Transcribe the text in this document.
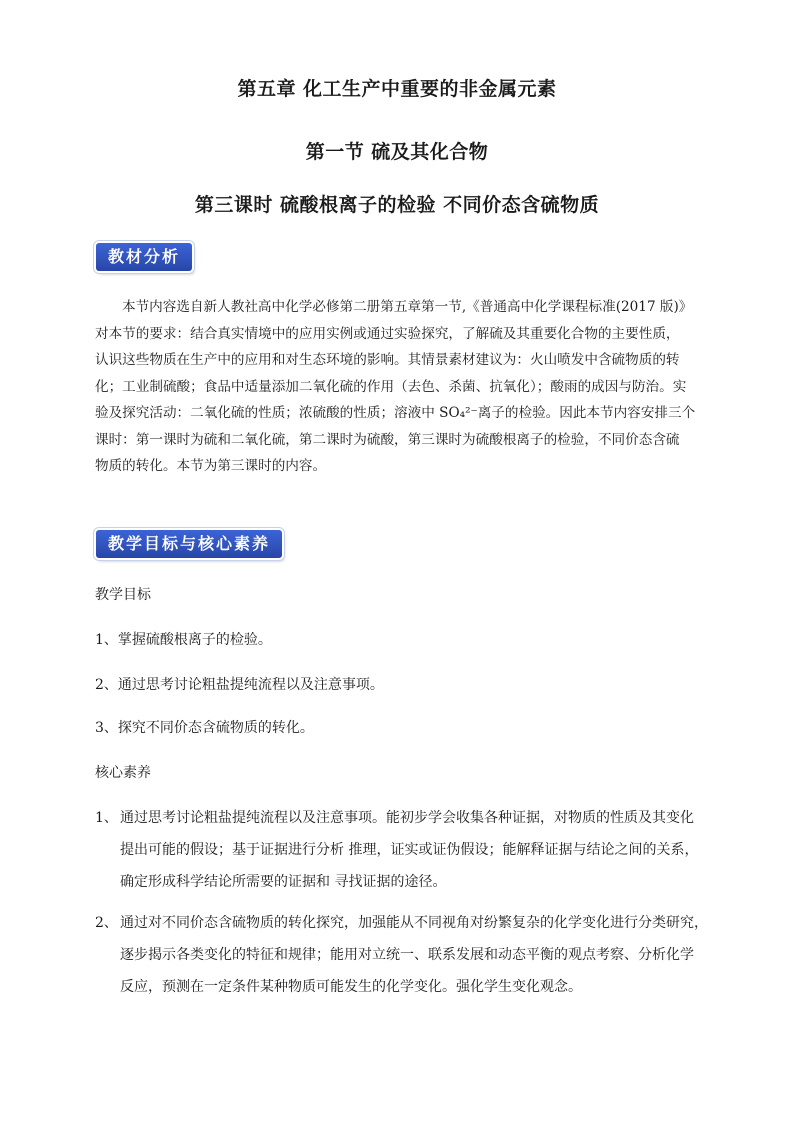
第五章 化工生产中重要的非金属元素
第一节 硫及其化合物
第三课时 硫酸根离子的检验 不同价态含硫物质
教材分析
本节内容选自新人教社高中化学必修第二册第五章第一节,《普通高中化学课程标准(2017 版)》
对本节的要求：结合真实情境中的应用实例或通过实验探究，了解硫及其重要化合物的主要性质，
认识这些物质在生产中的应用和对生态环境的影响。其情景素材建议为：火山喷发中含硫物质的转
化；工业制硫酸；食品中适量添加二氧化硫的作用（去色、杀菌、抗氧化）；酸雨的成因与防治。实
验及探究活动：二氧化硫的性质；浓硫酸的性质；溶液中 SO₄²⁻离子的检验。因此本节内容安排三个
课时：第一课时为硫和二氧化硫，第二课时为硫酸，第三课时为硫酸根离子的检验，不同价态含硫
物质的转化。本节为第三课时的内容。
教学目标与核心素养
教学目标
1、掌握硫酸根离子的检验。
2、通过思考讨论粗盐提纯流程以及注意事项。
3、探究不同价态含硫物质的转化。
核心素养
1、 通过思考讨论粗盐提纯流程以及注意事项。能初步学会收集各种证据，对物质的性质及其变化
提出可能的假设；基于证据进行分析 推理，证实或证伪假设；能解释证据与结论之间的关系，
确定形成科学结论所需要的证据和 寻找证据的途径。
2、 通过对不同价态含硫物质的转化探究，加强能从不同视角对纷繁复杂的化学变化进行分类研究，
逐步揭示各类变化的特征和规律；能用对立统一、联系发展和动态平衡的观点考察、分析化学
反应，预测在一定条件某种物质可能发生的化学变化。强化学生变化观念。
